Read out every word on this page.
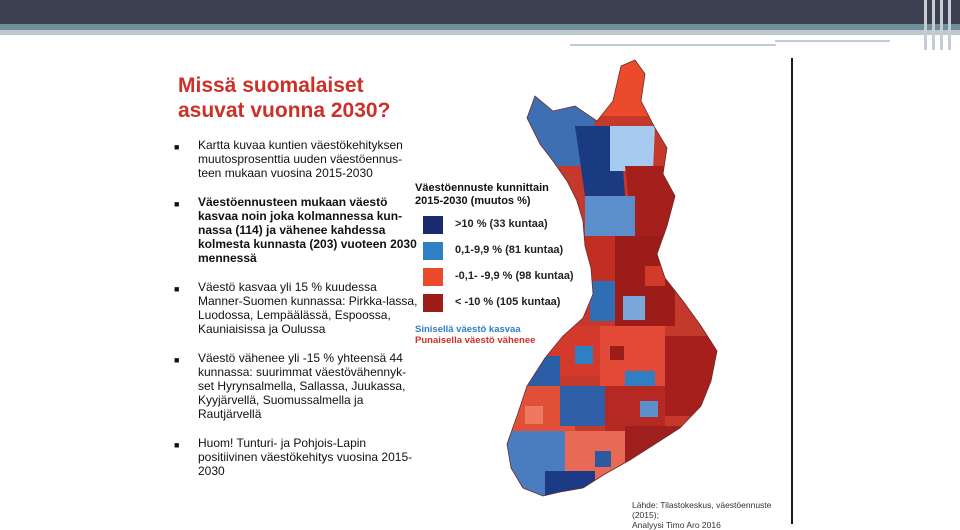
Missä suomalaiset
asuvat vuonna 2030?
■ Kartta kuvaa kuntien väestökehityksen muutosprosenttia uuden väestöennus-teen mukaan vuosina 2015-2030
■ Väestöennusteen mukaan väestö kasvaa noin joka kolmannessa kun-nassa (114) ja vähenee kahdessa kolmesta kunnasta (203) vuoteen 2030 mennessä
■ Väestö kasvaa yli 15 % kuudessa Manner-Suomen kunnassa: Pirkka-lassa, Luodossa, Lempäälässä, Espoossa, Kauniaisissa ja Oulussa
■ Väestö vähenee yli -15 % yhteensä 44 kunnassa: suurimmat väestövähennyk-set Hyrynsalmella, Sallassa, Juukassa, Kyyjärvellä, Suomussalmella ja Rautjärvellä
■ Huom! Tunturi- ja Pohjois-Lapin positiivinen väestökehitys vuosina 2015-2030
Väestöennuste kunnittain
2015-2030 (muutos %)
>10 % (33 kuntaa)
0,1-9,9 % (81 kuntaa)
-0,1- -9,9 % (98 kuntaa)
< -10 % (105 kuntaa)
Sinisellä väestö kasvaa
Punaisella väestö vähenee
Lähde: Tilastokeskus, väestöennuste (2015);
Analyysi Timo Aro 2016
